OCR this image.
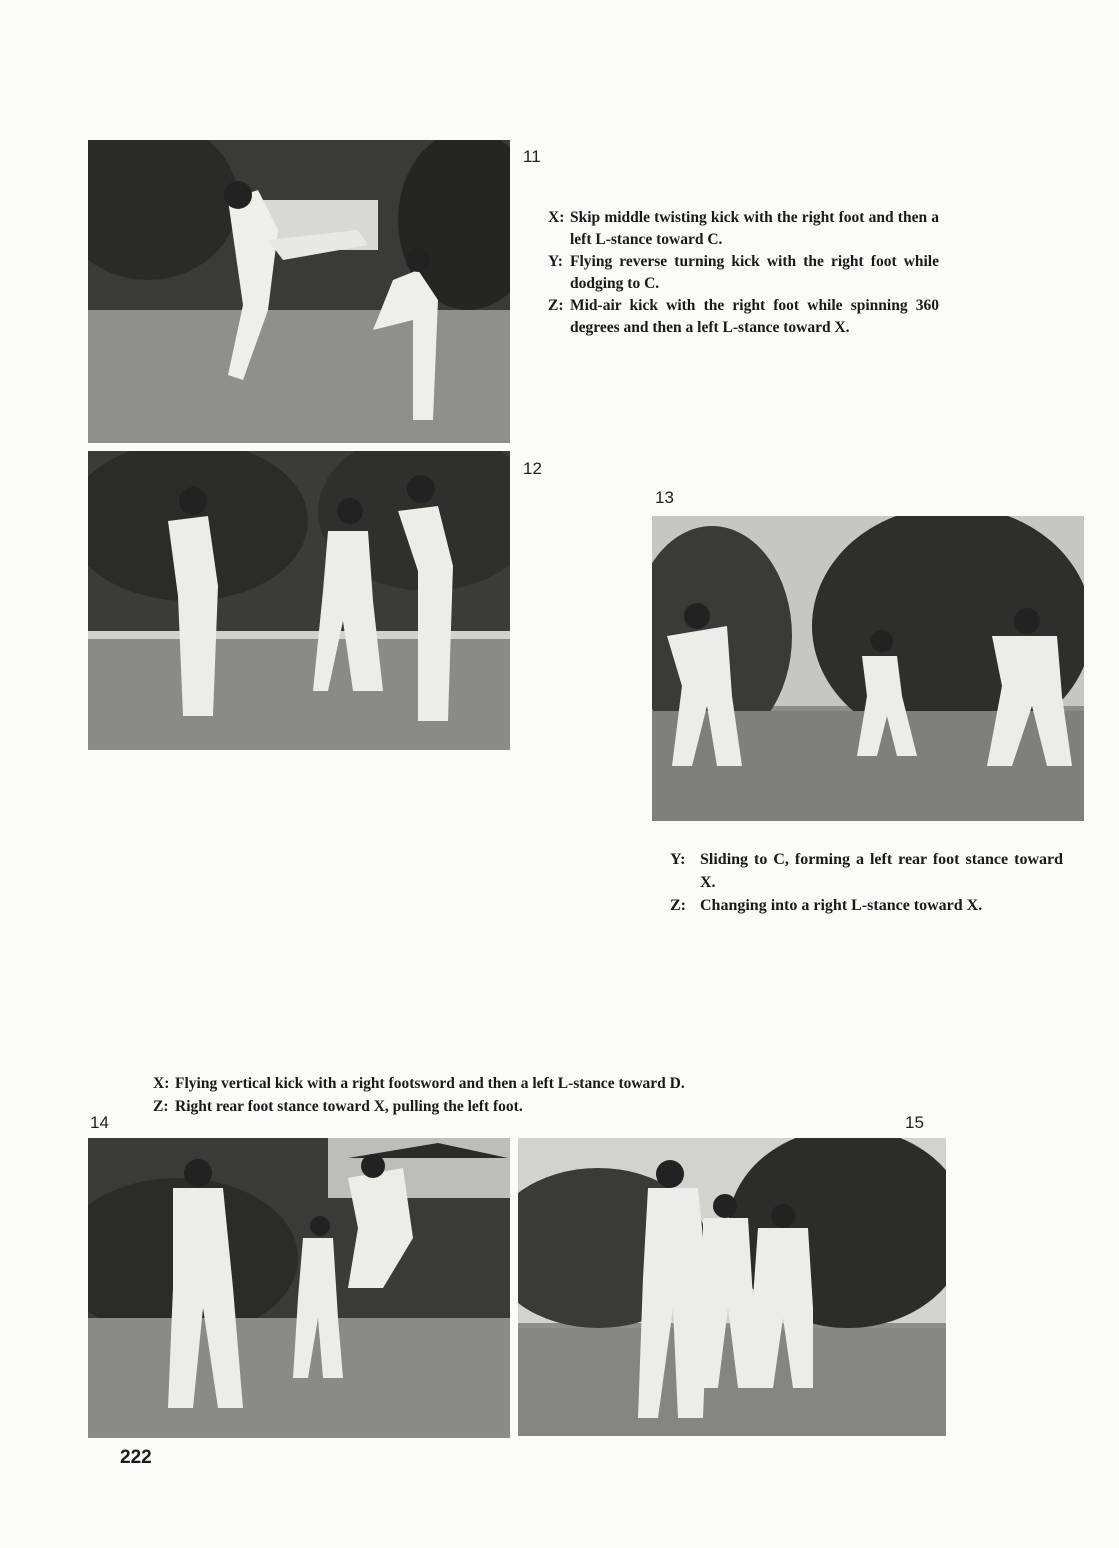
11
X: Skip middle twisting kick with the right foot and then a left L-stance toward C.
Y: Flying reverse turning kick with the right foot while dodging to C.
Z: Mid-air kick with the right foot while spinning 360 degrees and then a left L-stance toward X.
12
13
Y: Sliding to C, forming a left rear foot stance toward X.
Z: Changing into a right L-stance toward X.
X: Flying vertical kick with a right footsword and then a left L-stance toward D.
Z: Right rear foot stance toward X, pulling the left foot.
14	15
222
